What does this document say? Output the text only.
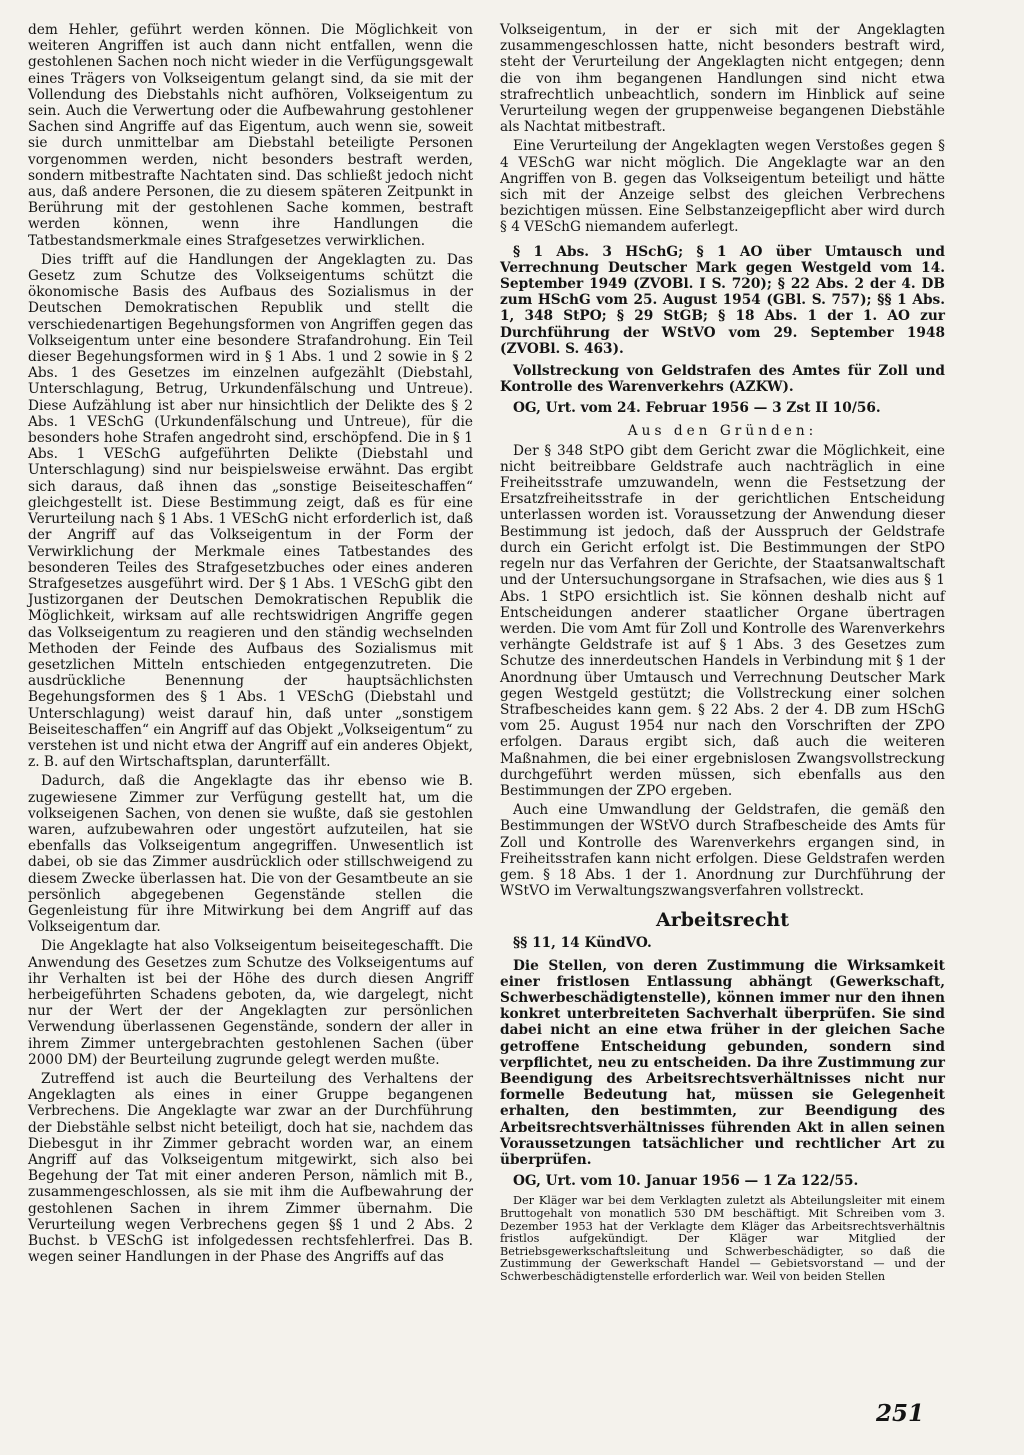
dem Hehler, geführt werden können. Die Möglichkeit von weiteren Angriffen ist auch dann nicht entfallen, wenn die gestohlenen Sachen noch nicht wieder in die Verfügungsgewalt eines Trägers von Volkseigentum gelangt sind, da sie mit der Vollendung des Diebstahls nicht aufhören, Volkseigentum zu sein. Auch die Verwertung oder die Aufbewahrung gestohlener Sachen sind Angriffe auf das Eigentum, auch wenn sie, soweit sie durch unmittelbar am Diebstahl beteiligte Personen vorgenommen werden, nicht besonders bestraft werden, sondern mitbestrafte Nachtaten sind. Das schließt jedoch nicht aus, daß andere Personen, die zu diesem späteren Zeitpunkt in Berührung mit der gestohlenen Sache kommen, bestraft werden können, wenn ihre Handlungen die Tatbestandsmerkmale eines Strafgesetzes verwirklichen.

Dies trifft auf die Handlungen der Angeklagten zu. Das Gesetz zum Schutze des Volkseigentums schützt die ökonomische Basis des Aufbaus des Sozialismus in der Deutschen Demokratischen Republik und stellt die verschiedenartigen Begehungsformen von Angriffen gegen das Volkseigentum unter eine besondere Strafandrohung. Ein Teil dieser Begehungsformen wird in § 1 Abs. 1 und 2 sowie in § 2 Abs. 1 des Gesetzes im einzelnen aufgezählt (Diebstahl, Unterschlagung, Betrug, Urkundenfälschung und Untreue). Diese Aufzählung ist aber nur hinsichtlich der Delikte des § 2 Abs. 1 VESchG (Urkundenfälschung und Untreue), für die besonders hohe Strafen angedroht sind, erschöpfend. Die in § 1 Abs. 1 VESchG aufgeführten Delikte (Diebstahl und Unterschlagung) sind nur beispielsweise erwähnt. Das ergibt sich daraus, daß ihnen das „sonstige Beiseiteschaffen“ gleichgestellt ist. Diese Bestimmung zeigt, daß es für eine Verurteilung nach § 1 Abs. 1 VESchG nicht erforderlich ist, daß der Angriff auf das Volkseigentum in der Form der Verwirklichung der Merkmale eines Tatbestandes des besonderen Teiles des Strafgesetzbuches oder eines anderen Strafgesetzes ausgeführt wird. Der § 1 Abs. 1 VESchG gibt den Justizorganen der Deutschen Demokratischen Republik die Möglichkeit, wirksam auf alle rechtswidrigen Angriffe gegen das Volkseigentum zu reagieren und den ständig wechselnden Methoden der Feinde des Aufbaus des Sozialismus mit gesetzlichen Mitteln entschieden entgegenzutreten. Die ausdrückliche Benennung der hauptsächlichsten Begehungsformen des § 1 Abs. 1 VESchG (Diebstahl und Unterschlagung) weist darauf hin, daß unter „sonstigem Beiseiteschaffen“ ein Angriff auf das Objekt „Volkseigentum“ zu verstehen ist und nicht etwa der Angriff auf ein anderes Objekt, z. B. auf den Wirtschaftsplan, darunterfällt.

Dadurch, daß die Angeklagte das ihr ebenso wie B. zugewiesene Zimmer zur Verfügung gestellt hat, um die volkseigenen Sachen, von denen sie wußte, daß sie gestohlen waren, aufzubewahren oder ungestört aufzuteilen, hat sie ebenfalls das Volkseigentum angegriffen. Unwesentlich ist dabei, ob sie das Zimmer ausdrücklich oder stillschweigend zu diesem Zwecke überlassen hat. Die von der Gesamtbeute an sie persönlich abgegebenen Gegenstände stellen die Gegenleistung für ihre Mitwirkung bei dem Angriff auf das Volkseigentum dar.

Die Angeklagte hat also Volkseigentum beiseitegeschafft. Die Anwendung des Gesetzes zum Schutze des Volkseigentums auf ihr Verhalten ist bei der Höhe des durch diesen Angriff herbeigeführten Schadens geboten, da, wie dargelegt, nicht nur der Wert der der Angeklagten zur persönlichen Verwendung überlassenen Gegenstände, sondern der aller in ihrem Zimmer untergebrachten gestohlenen Sachen (über 2000 DM) der Beurteilung zugrunde gelegt werden mußte.

Zutreffend ist auch die Beurteilung des Verhaltens der Angeklagten als eines in einer Gruppe begangenen Verbrechens. Die Angeklagte war zwar an der Durchführung der Diebstähle selbst nicht beteiligt, doch hat sie, nachdem das Diebesgut in ihr Zimmer gebracht worden war, an einem Angriff auf das Volkseigentum mitgewirkt, sich also bei Begehung der Tat mit einer anderen Person, nämlich mit B., zusammengeschlossen, als sie mit ihm die Aufbewahrung der gestohlenen Sachen in ihrem Zimmer übernahm. Die Verurteilung wegen Verbrechens gegen §§ 1 und 2 Abs. 2 Buchst. b VESchG ist infolgedessen rechtsfehlerfrei. Das B. wegen seiner Handlungen in der Phase des Angriffs auf das

Volkseigentum, in der er sich mit der Angeklagten zusammengeschlossen hatte, nicht besonders bestraft wird, steht der Verurteilung der Angeklagten nicht entgegen; denn die von ihm begangenen Handlungen sind nicht etwa strafrechtlich unbeachtlich, sondern im Hinblick auf seine Verurteilung wegen der gruppenweise begangenen Diebstähle als Nachtat mitbestraft.

Eine Verurteilung der Angeklagten wegen Verstoßes gegen § 4 VESchG war nicht möglich. Die Angeklagte war an den Angriffen von B. gegen das Volkseigentum beteiligt und hätte sich mit der Anzeige selbst des gleichen Verbrechens bezichtigen müssen. Eine Selbstanzeigepflicht aber wird durch § 4 VESchG niemandem auferlegt.

§ 1 Abs. 3 HSchG; § 1 AO über Umtausch und Verrechnung Deutscher Mark gegen Westgeld vom 14. September 1949 (ZVOBl. I S. 720); § 22 Abs. 2 der 4. DB zum HSchG vom 25. August 1954 (GBl. S. 757); §§ 1 Abs. 1, 348 StPO; § 29 StGB; § 18 Abs. 1 der 1. AO zur Durchführung der WStVO vom 29. September 1948 (ZVOBl. S. 463).

Vollstreckung von Geldstrafen des Amtes für Zoll und Kontrolle des Warenverkehrs (AZKW).

OG, Urt. vom 24. Februar 1956 — 3 Zst II 10/56.

Aus den Gründen:

Der § 348 StPO gibt dem Gericht zwar die Möglichkeit, eine nicht beitreibbare Geldstrafe auch nachträglich in eine Freiheitsstrafe umzuwandeln, wenn die Festsetzung der Ersatzfreiheitsstrafe in der gerichtlichen Entscheidung unterlassen worden ist. Voraussetzung der Anwendung dieser Bestimmung ist jedoch, daß der Ausspruch der Geldstrafe durch ein Gericht erfolgt ist. Die Bestimmungen der StPO regeln nur das Verfahren der Gerichte, der Staatsanwaltschaft und der Untersuchungsorgane in Strafsachen, wie dies aus § 1 Abs. 1 StPO ersichtlich ist. Sie können deshalb nicht auf Entscheidungen anderer staatlicher Organe übertragen werden. Die vom Amt für Zoll und Kontrolle des Warenverkehrs verhängte Geldstrafe ist auf § 1 Abs. 3 des Gesetzes zum Schutze des innerdeutschen Handels in Verbindung mit § 1 der Anordnung über Umtausch und Verrechnung Deutscher Mark gegen Westgeld gestützt; die Vollstreckung einer solchen Strafbescheides kann gem. § 22 Abs. 2 der 4. DB zum HSchG vom 25. August 1954 nur nach den Vorschriften der ZPO erfolgen. Daraus ergibt sich, daß auch die weiteren Maßnahmen, die bei einer ergebnislosen Zwangsvollstreckung durchgeführt werden müssen, sich ebenfalls aus den Bestimmungen der ZPO ergeben.

Auch eine Umwandlung der Geldstrafen, die gemäß den Bestimmungen der WStVO durch Strafbescheide des Amts für Zoll und Kontrolle des Warenverkehrs ergangen sind, in Freiheitsstrafen kann nicht erfolgen. Diese Geldstrafen werden gem. § 18 Abs. 1 der 1. Anordnung zur Durchführung der WStVO im Verwaltungszwangsverfahren vollstreckt.

Arbeitsrecht

§§ 11, 14 KündVO.

Die Stellen, von deren Zustimmung die Wirksamkeit einer fristlosen Entlassung abhängt (Gewerkschaft, Schwerbeschädigtenstelle), können immer nur den ihnen konkret unterbreiteten Sachverhalt überprüfen. Sie sind dabei nicht an eine etwa früher in der gleichen Sache getroffene Entscheidung gebunden, sondern sind verpflichtet, neu zu entscheiden. Da ihre Zustimmung zur Beendigung des Arbeitsrechtsverhältnisses nicht nur formelle Bedeutung hat, müssen sie Gelegenheit erhalten, den bestimmten, zur Beendigung des Arbeitsrechtsverhältnisses führenden Akt in allen seinen Voraussetzungen tatsächlicher und rechtlicher Art zu überprüfen.

OG, Urt. vom 10. Januar 1956 — 1 Za 122/55.

Der Kläger war bei dem Verklagten zuletzt als Abteilungsleiter mit einem Bruttogehalt von monatlich 530 DM beschäftigt. Mit Schreiben vom 3. Dezember 1953 hat der Verklagte dem Kläger das Arbeitsrechtsverhältnis fristlos aufgekündigt. Der Kläger war Mitglied der Betriebsgewerkschaftsleitung und Schwerbeschädigter, so daß die Zustimmung der Gewerkschaft Handel — Gebietsvorstand — und der Schwerbeschädigtenstelle erforderlich war. Weil von beiden Stellen

251
